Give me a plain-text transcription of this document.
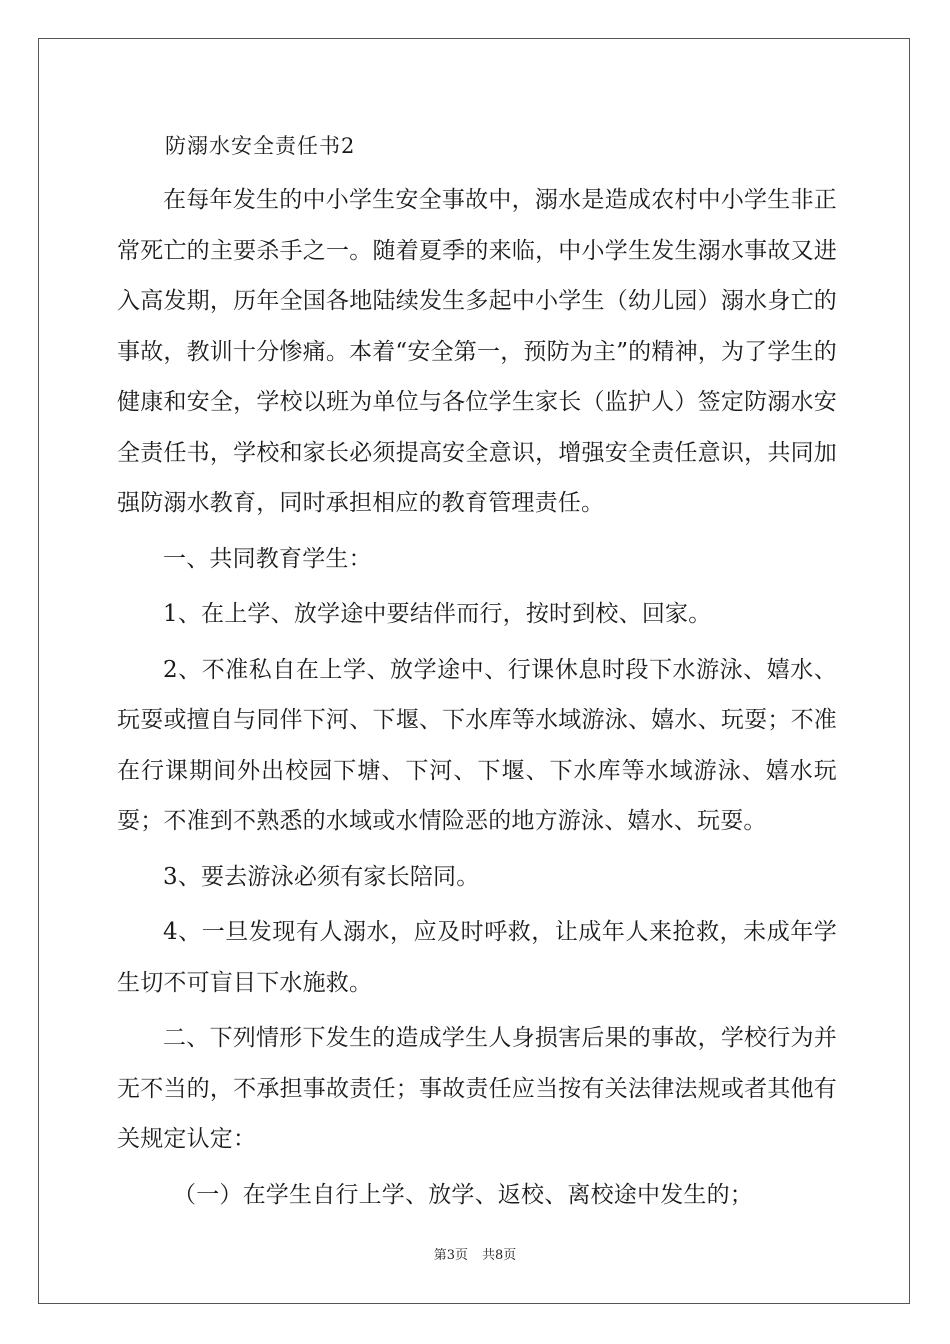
防溺水安全责任书2

在每年发生的中小学生安全事故中，溺水是造成农村中小学生非正常死亡的主要杀手之一。随着夏季的来临，中小学生发生溺水事故又进入高发期，历年全国各地陆续发生多起中小学生（幼儿园）溺水身亡的事故，教训十分惨痛。本着“安全第一，预防为主”的精神，为了学生的健康和安全，学校以班为单位与各位学生家长（监护人）签定防溺水安全责任书，学校和家长必须提高安全意识，增强安全责任意识，共同加强防溺水教育，同时承担相应的教育管理责任。

一、共同教育学生：

1、在上学、放学途中要结伴而行，按时到校、回家。

2、不准私自在上学、放学途中、行课休息时段下水游泳、嬉水、玩耍或擅自与同伴下河、下堰、下水库等水域游泳、嬉水、玩耍；不准在行课期间外出校园下塘、下河、下堰、下水库等水域游泳、嬉水玩耍；不准到不熟悉的水域或水情险恶的地方游泳、嬉水、玩耍。

3、要去游泳必须有家长陪同。

4、一旦发现有人溺水，应及时呼救，让成年人来抢救，未成年学生切不可盲目下水施救。

二、下列情形下发生的造成学生人身损害后果的事故，学校行为并无不当的，不承担事故责任；事故责任应当按有关法律法规或者其他有关规定认定：

（一）在学生自行上学、放学、返校、离校途中发生的；

第3页 共8页
